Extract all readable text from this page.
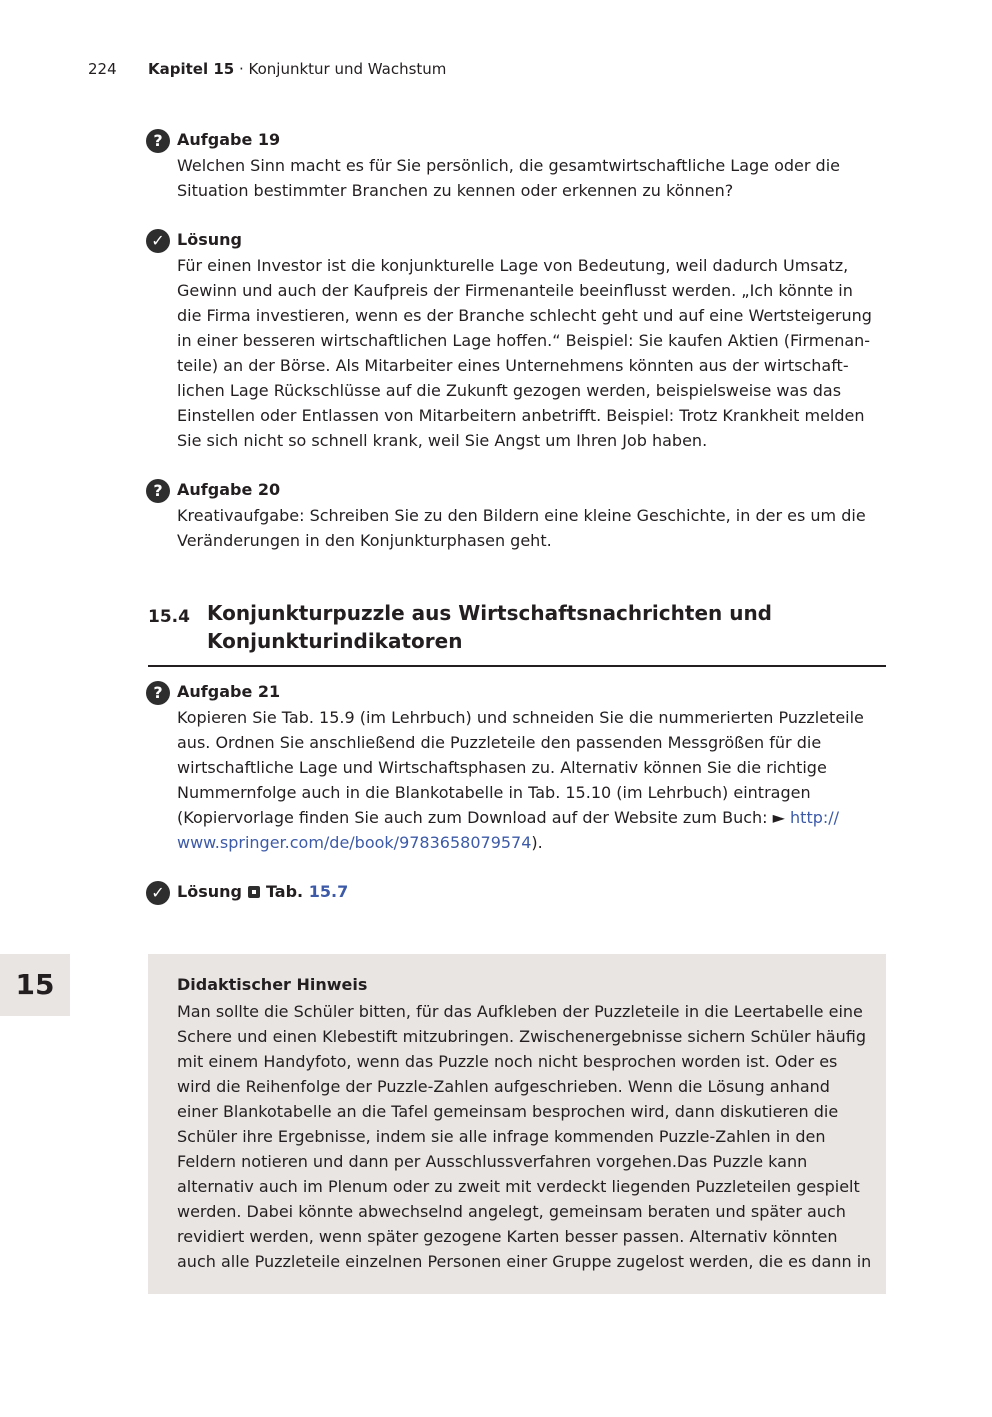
224 Kapitel 15 · Konjunktur und Wachstum
? Aufgabe 19

Welchen Sinn macht es für Sie persönlich, die gesamtwirtschaftliche Lage oder die
Situation bestimmter Branchen zu kennen oder erkennen zu können?

✓ Lösung

Für einen Investor ist die konjunkturelle Lage von Bedeutung, weil dadurch Umsatz,
Gewinn und auch der Kaufpreis der Firmenanteile beeinflusst werden. „Ich könnte in
die Firma investieren, wenn es der Branche schlecht geht und auf eine Wertsteigerung
in einer besseren wirtschaftlichen Lage hoffen.“ Beispiel: Sie kaufen Aktien (Firmenan-
teile) an der Börse. Als Mitarbeiter eines Unternehmens könnten aus der wirtschaft-
lichen Lage Rückschlüsse auf die Zukunft gezogen werden, beispielsweise was das
Einstellen oder Entlassen von Mitarbeitern anbetrifft. Beispiel: Trotz Krankheit melden
Sie sich nicht so schnell krank, weil Sie Angst um Ihren Job haben.

? Aufgabe 20

Kreativaufgabe: Schreiben Sie zu den Bildern eine kleine Geschichte, in der es um die
Veränderungen in den Konjunkturphasen geht.

15.4 Konjunkturpuzzle aus Wirtschaftsnachrichten und
Konjunkturindikatoren
? Aufgabe 21

Kopieren Sie Tab. 15.9 (im Lehrbuch) und schneiden Sie die nummerierten Puzzleteile
aus. Ordnen Sie anschließend die Puzzleteile den passenden Messgrößen für die
wirtschaftliche Lage und Wirtschaftsphasen zu. Alternativ können Sie die richtige
Nummernfolge auch in die Blankotabelle in Tab. 15.10 (im Lehrbuch) eintragen
(Kopiervorlage finden Sie auch zum Download auf der Website zum Buch: ► http://
www.springer.com/de/book/9783658079574).

✓ Lösung Tab. 15.7
15	Didaktischer Hinweis
Man sollte die Schüler bitten, für das Aufkleben der Puzzleteile in die Leertabelle eine
Schere und einen Klebestift mitzubringen. Zwischenergebnisse sichern Schüler häufig
mit einem Handyfoto, wenn das Puzzle noch nicht besprochen worden ist. Oder es
wird die Reihenfolge der Puzzle-Zahlen aufgeschrieben. Wenn die Lösung anhand
einer Blankotabelle an die Tafel gemeinsam besprochen wird, dann diskutieren die
Schüler ihre Ergebnisse, indem sie alle infrage kommenden Puzzle-Zahlen in den
Feldern notieren und dann per Ausschlussverfahren vorgehen.Das Puzzle kann
alternativ auch im Plenum oder zu zweit mit verdeckt liegenden Puzzleteilen gespielt
werden. Dabei könnte abwechselnd angelegt, gemeinsam beraten und später auch
revidiert werden, wenn später gezogene Karten besser passen. Alternativ könnten
auch alle Puzzleteile einzelnen Personen einer Gruppe zugelost werden, die es dann in
